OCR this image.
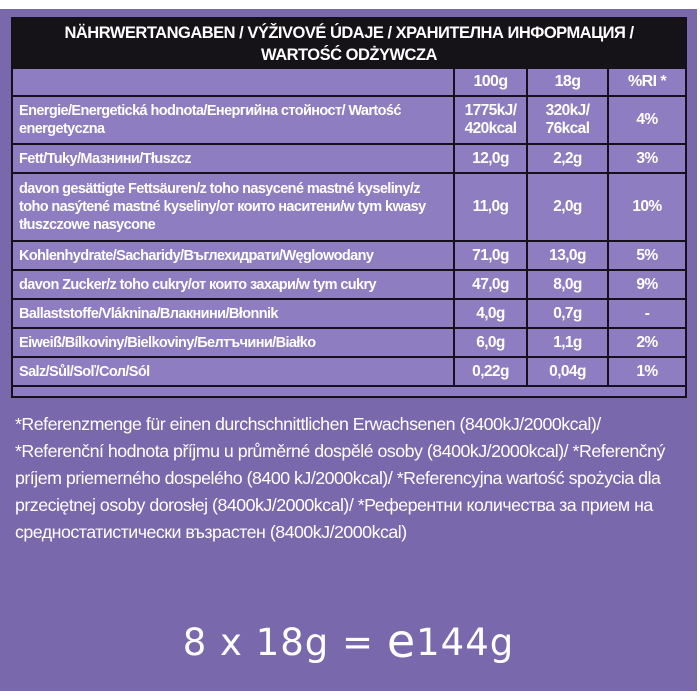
NÄHRWERTANGABEN / VÝŽIVOVÉ ÚDAJE / ХРАНИТЕЛНА ИНФОРМАЦИЯ /
WARTOŚĆ ODŻYWCZA
	100g	18g	%RI *
Energie/Energetická hodnota/Енергийна стойност/ Wartość energetyczna	1775kJ/ 420kcal	320kJ/ 76kcal	4%
Fett/Tuky/Мазнини/Tłuszcz	12,0g	2,2g	3%
davon gesättigte Fettsäuren/z toho nasycené mastné kyseliny/z toho nasýtené mastné kyseliny/от които наситени/w tym kwasy tłuszczowe nasycone	11,0g	2,0g	10%
Kohlenhydrate/Sacharidy/Въглехидрати/Węglowodany	71,0g	13,0g	5%
davon Zucker/z toho cukry/от които захари/w tym cukry	47,0g	8,0g	9%
Ballaststoffe/Vláknina/Влакнини/Błonnik	4,0g	0,7g	-
Eiweiß/Bílkoviny/Bielkoviny/Белтъчини/Białko	6,0g	1,1g	2%
Salz/Sůl/Soľ/Сол/Sól	0,22g	0,04g	1%
*Referenzmenge für einen durchschnittlichen Erwachsenen (8400kJ/2000kcal)/ *Referenční hodnota příjmu u průměrné dospělé osoby (8400kJ/2000kcal)/ *Referenčný príjem priemerného dospelého (8400 kJ/2000kcal)/ *Referencyjna wartość spożycia dla przeciętnej osoby dorosłej (8400kJ/2000kcal)/ *Референтни количества за прием на средностатистически възрастен (8400kJ/2000kcal)
8 x 18g = e144g
